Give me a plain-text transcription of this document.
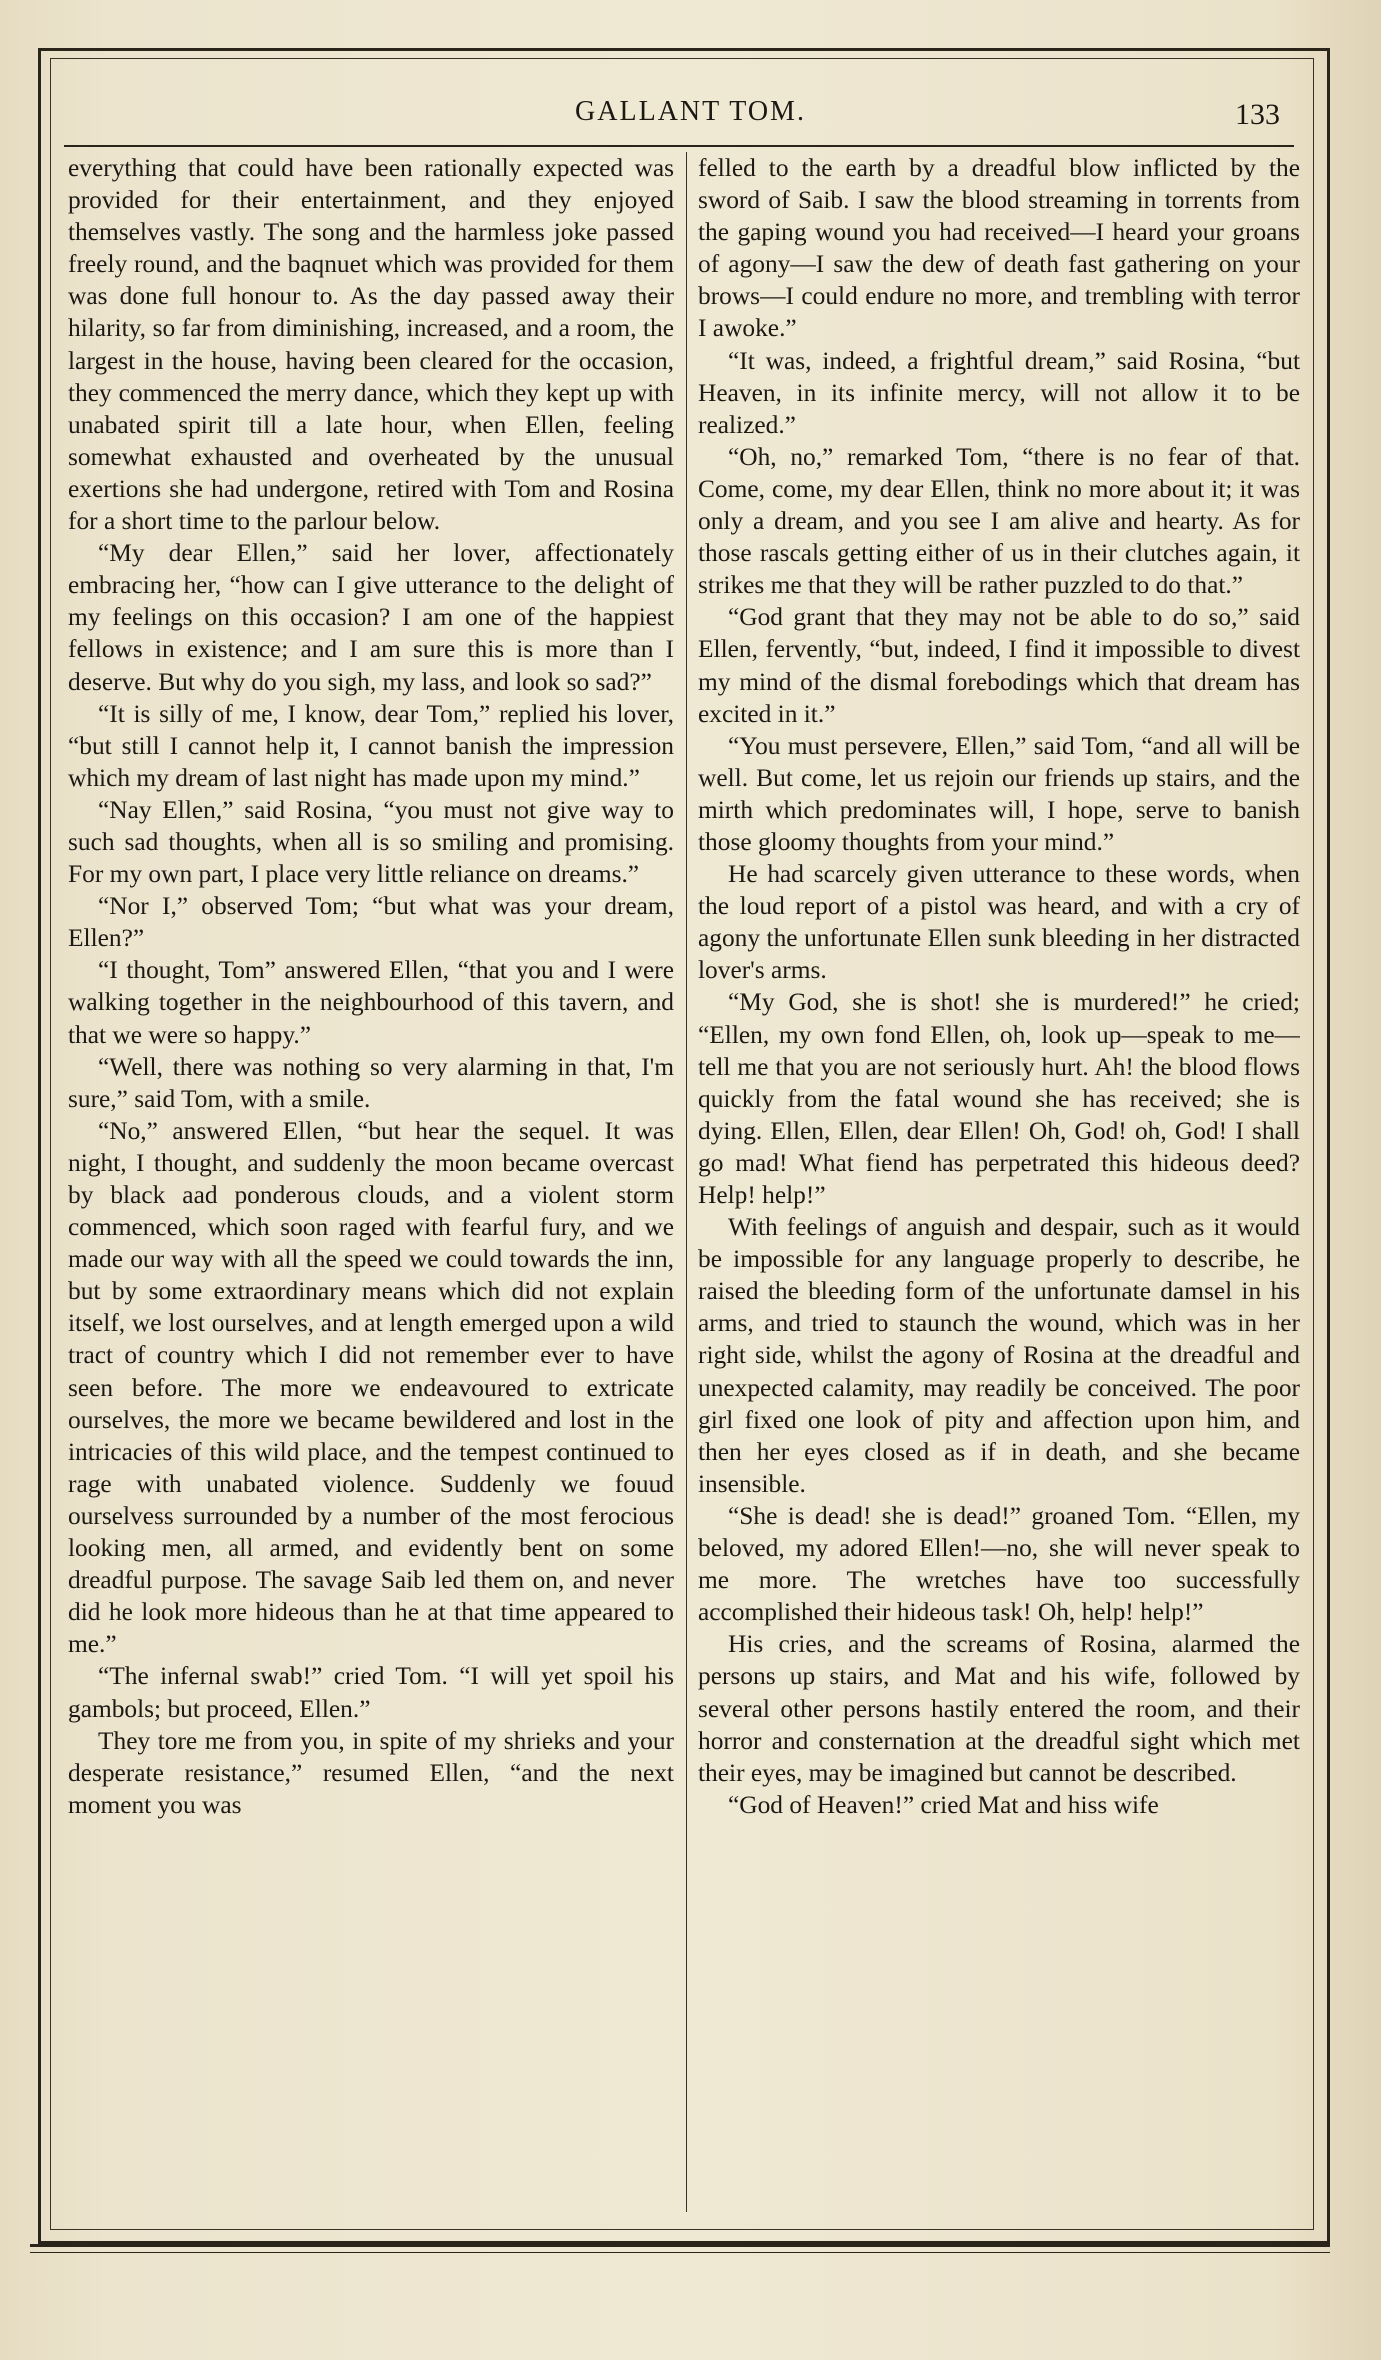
GALLANT TOM.	133

everything that could have been rationally expected was provided for their entertainment, and they enjoyed themselves vastly. The song and the harmless joke passed freely round, and the baqnuet which was provided for them was done full honour to. As the day passed away their hilarity, so far from diminishing, increased, and a room, the largest in the house, having been cleared for the occasion, they commenced the merry dance, which they kept up with unabated spirit till a late hour, when Ellen, feeling somewhat exhausted and overheated by the unusual exertions she had undergone, retired with Tom and Rosina for a short time to the parlour below.

“My dear Ellen,” said her lover, affectionately embracing her, “how can I give utterance to the delight of my feelings on this occasion? I am one of the happiest fellows in existence; and I am sure this is more than I deserve. But why do you sigh, my lass, and look so sad?”

“It is silly of me, I know, dear Tom,” replied his lover, “but still I cannot help it, I cannot banish the impression which my dream of last night has made upon my mind.”

“Nay Ellen,” said Rosina, “you must not give way to such sad thoughts, when all is so smiling and promising. For my own part, I place very little reliance on dreams.”

“Nor I,” observed Tom; “but what was your dream, Ellen?”

“I thought, Tom” answered Ellen, “that you and I were walking together in the neighbourhood of this tavern, and that we were so happy.”

“Well, there was nothing so very alarming in that, I'm sure,” said Tom, with a smile.

“No,” answered Ellen, “but hear the sequel. It was night, I thought, and suddenly the moon became overcast by black aad ponderous clouds, and a violent storm commenced, which soon raged with fearful fury, and we made our way with all the speed we could towards the inn, but by some extraordinary means which did not explain itself, we lost ourselves, and at length emerged upon a wild tract of country which I did not remember ever to have seen before. The more we endeavoured to extricate ourselves, the more we became bewildered and lost in the intricacies of this wild place, and the tempest continued to rage with unabated violence. Suddenly we fouud ourselvess surrounded by a number of the most ferocious looking men, all armed, and evidently bent on some dreadful purpose. The savage Saib led them on, and never did he look more hideous than he at that time appeared to me.”

“The infernal swab!” cried Tom. “I will yet spoil his gambols; but proceed, Ellen.”

They tore me from you, in spite of my shrieks and your desperate resistance,” resumed Ellen, “and the next moment you was

felled to the earth by a dreadful blow inflicted by the sword of Saib. I saw the blood streaming in torrents from the gaping wound you had received—I heard your groans of agony—I saw the dew of death fast gathering on your brows—I could endure no more, and trembling with terror I awoke.”

“It was, indeed, a frightful dream,” said Rosina, “but Heaven, in its infinite mercy, will not allow it to be realized.”

“Oh, no,” remarked Tom, “there is no fear of that. Come, come, my dear Ellen, think no more about it; it was only a dream, and you see I am alive and hearty. As for those rascals getting either of us in their clutches again, it strikes me that they will be rather puzzled to do that.”

“God grant that they may not be able to do so,” said Ellen, fervently, “but, indeed, I find it impossible to divest my mind of the dismal forebodings which that dream has excited in it.”

“You must persevere, Ellen,” said Tom, “and all will be well. But come, let us rejoin our friends up stairs, and the mirth which predominates will, I hope, serve to banish those gloomy thoughts from your mind.”

He had scarcely given utterance to these words, when the loud report of a pistol was heard, and with a cry of agony the unfortunate Ellen sunk bleeding in her distracted lover's arms.

“My God, she is shot! she is murdered!” he cried; “Ellen, my own fond Ellen, oh, look up—speak to me—tell me that you are not seriously hurt. Ah! the blood flows quickly from the fatal wound she has received; she is dying. Ellen, Ellen, dear Ellen! Oh, God! oh, God! I shall go mad! What fiend has perpetrated this hideous deed? Help! help!”

With feelings of anguish and despair, such as it would be impossible for any language properly to describe, he raised the bleeding form of the unfortunate damsel in his arms, and tried to staunch the wound, which was in her right side, whilst the agony of Rosina at the dreadful and unexpected calamity, may readily be conceived. The poor girl fixed one look of pity and affection upon him, and then her eyes closed as if in death, and she became insensible.

“She is dead! she is dead!” groaned Tom. “Ellen, my beloved, my adored Ellen!—no, she will never speak to me more. The wretches have too successfully accomplished their hideous task! Oh, help! help!”

His cries, and the screams of Rosina, alarmed the persons up stairs, and Mat and his wife, followed by several other persons hastily entered the room, and their horror and consternation at the dreadful sight which met their eyes, may be imagined but cannot be described.

“God of Heaven!” cried Mat and hiss wife
